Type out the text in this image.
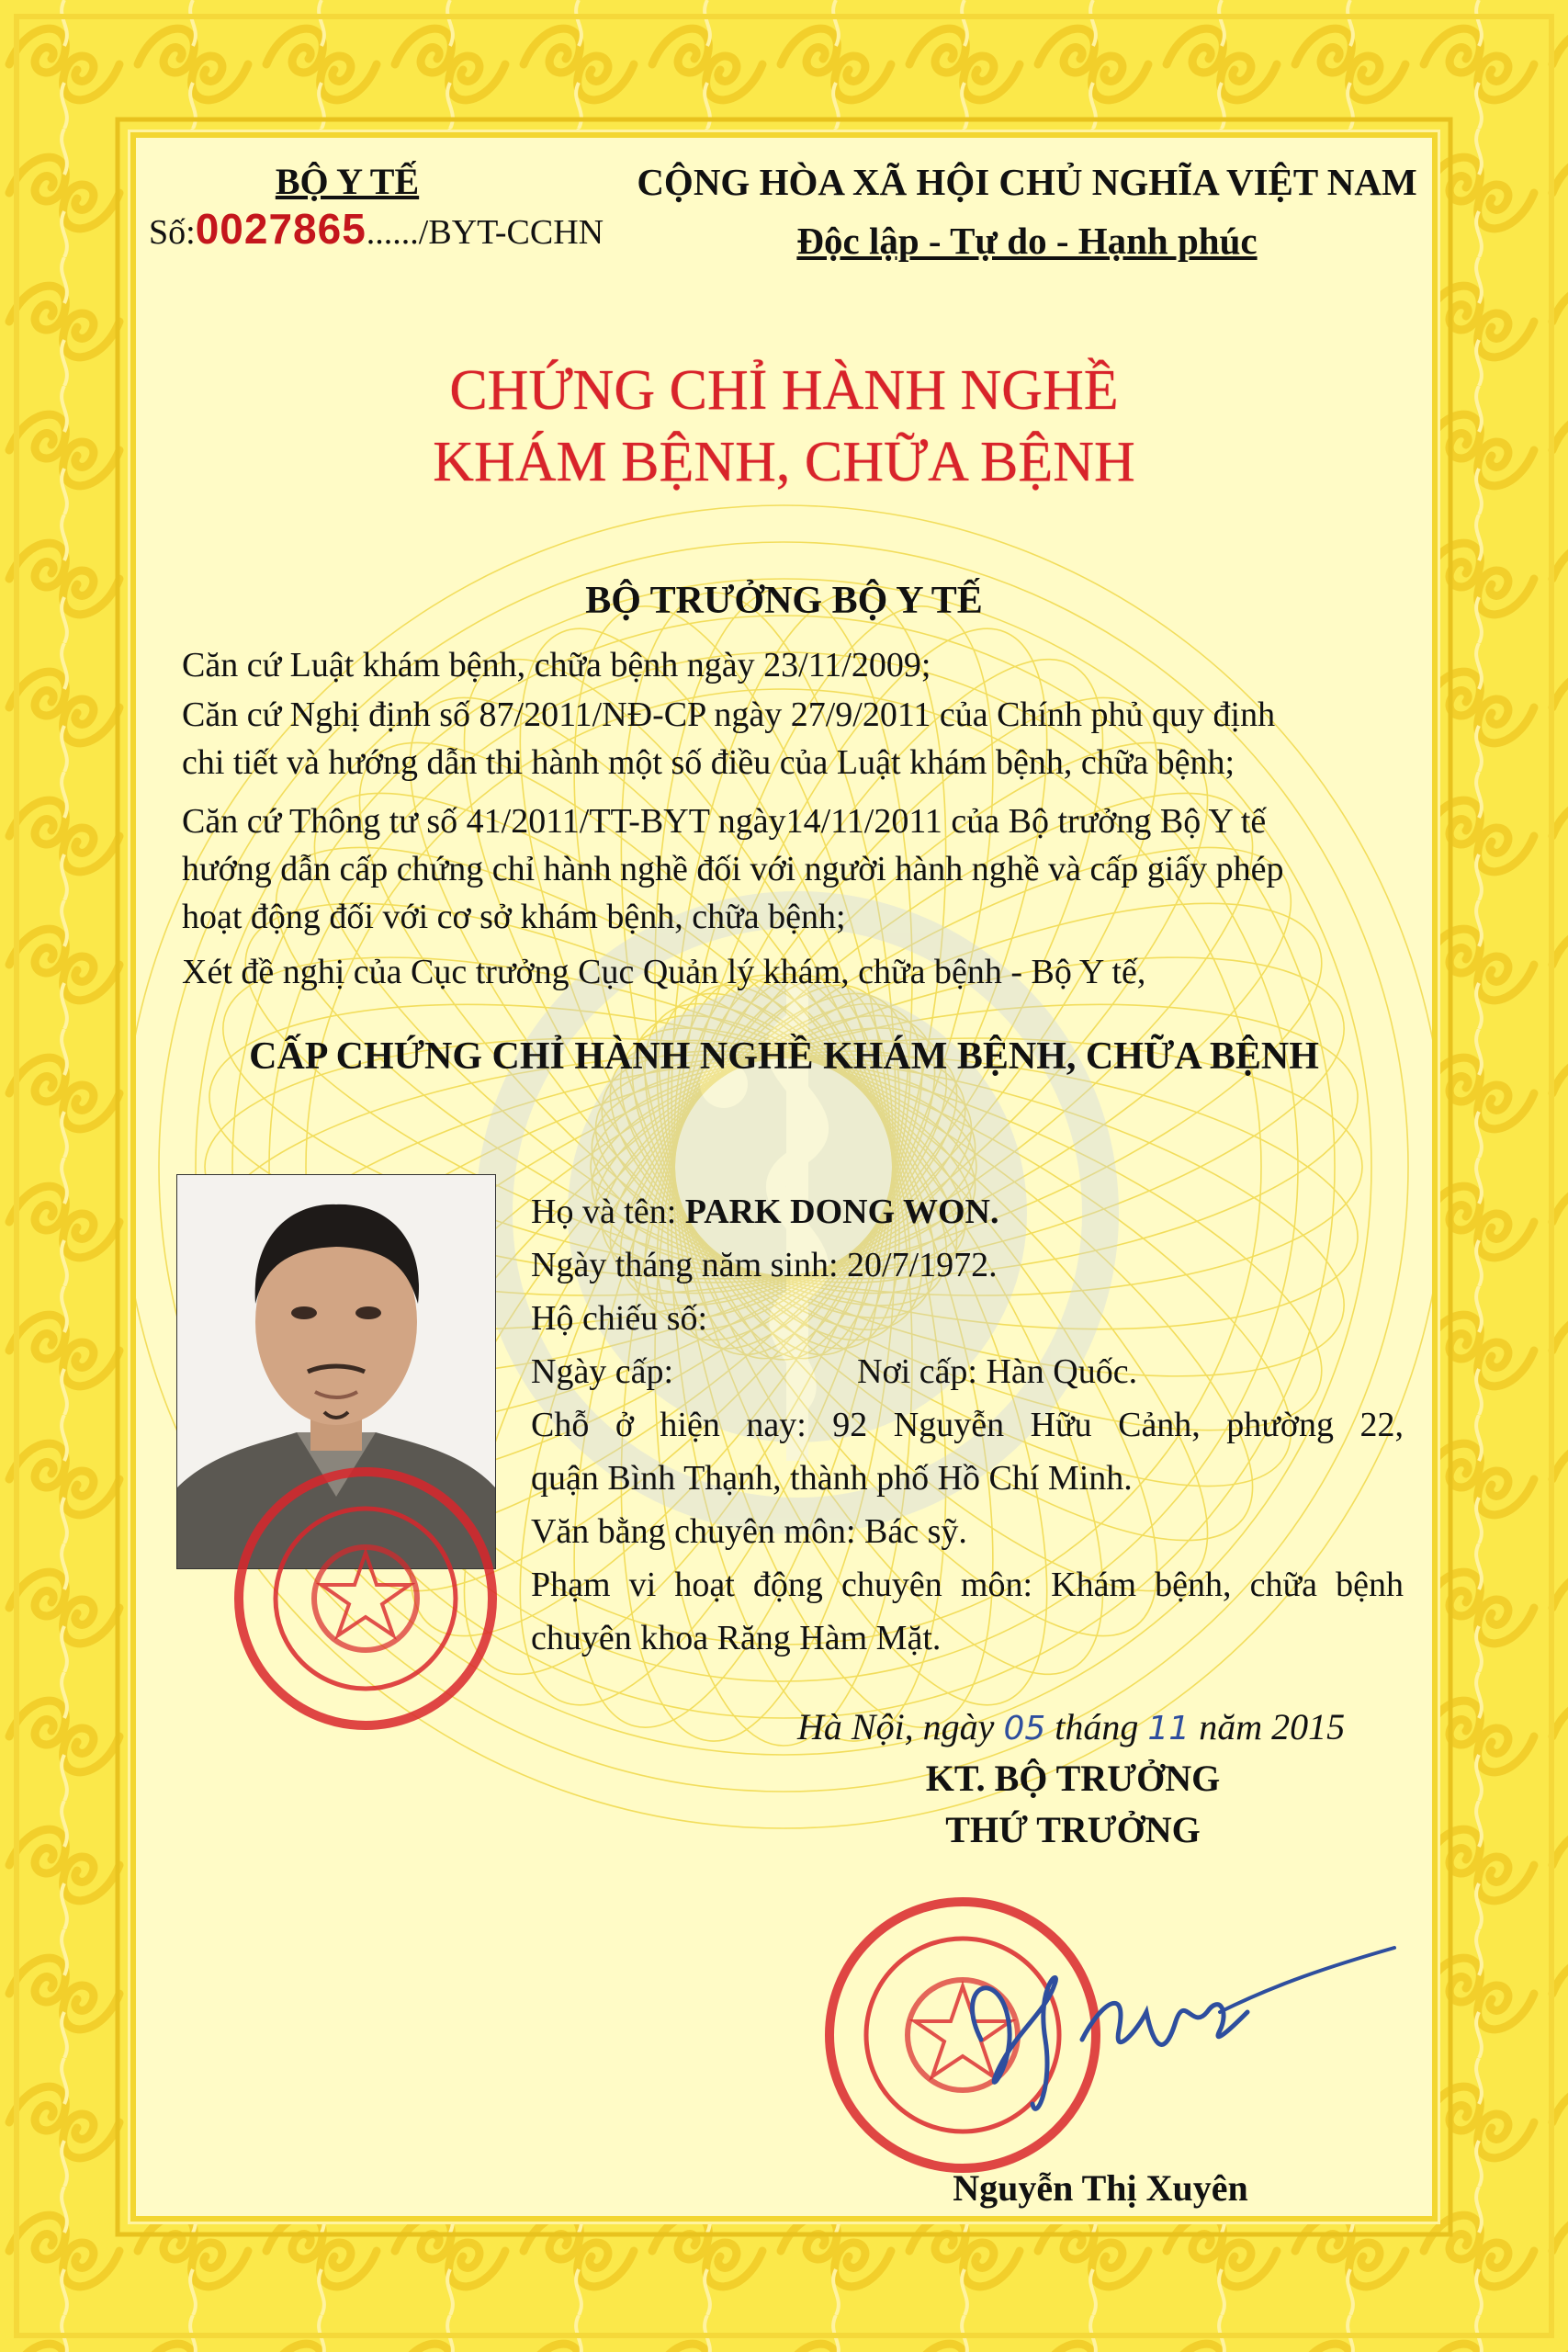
BỘ Y TẾ
Số:0027865....../BYT-CCHN
CỘNG HÒA XÃ HỘI CHỦ NGHĨA VIỆT NAM
Độc lập - Tự do - Hạnh phúc
CHỨNG CHỈ HÀNH NGHỀ
KHÁM BỆNH, CHỮA BỆNH
BỘ TRƯỞNG BỘ Y TẾ
Căn cứ Luật khám bệnh, chữa bệnh ngày 23/11/2009;
Căn cứ Nghị định số 87/2011/NĐ-CP ngày 27/9/2011 của Chính phủ quy định
chi tiết và hướng dẫn thi hành một số điều của Luật khám bệnh, chữa bệnh;
Căn cứ Thông tư số 41/2011/TT-BYT ngày14/11/2011 của Bộ trưởng Bộ Y tế
hướng dẫn cấp chứng chỉ hành nghề đối với người hành nghề và cấp giấy phép
hoạt động đối với cơ sở khám bệnh, chữa bệnh;
Xét đề nghị của Cục trưởng Cục Quản lý khám, chữa bệnh - Bộ Y tế,
CẤP CHỨNG CHỈ HÀNH NGHỀ KHÁM BỆNH, CHỮA BỆNH
Họ và tên: PARK DONG WON.
Ngày tháng năm sinh: 20/7/1972.
Hộ chiếu số:
Ngày cấp:	Nơi cấp: Hàn Quốc.
Chỗ ở hiện nay: 92 Nguyễn Hữu Cảnh, phường 22,
quận Bình Thạnh, thành phố Hồ Chí Minh.
Văn bằng chuyên môn: Bác sỹ.
Phạm vi hoạt động chuyên môn: Khám bệnh, chữa bệnh
chuyên khoa Răng Hàm Mặt.
Hà Nội, ngày 05 tháng 11 năm 2015
KT. BỘ TRƯỞNG
THỨ TRƯỞNG
Nguyễn Thị Xuyên
